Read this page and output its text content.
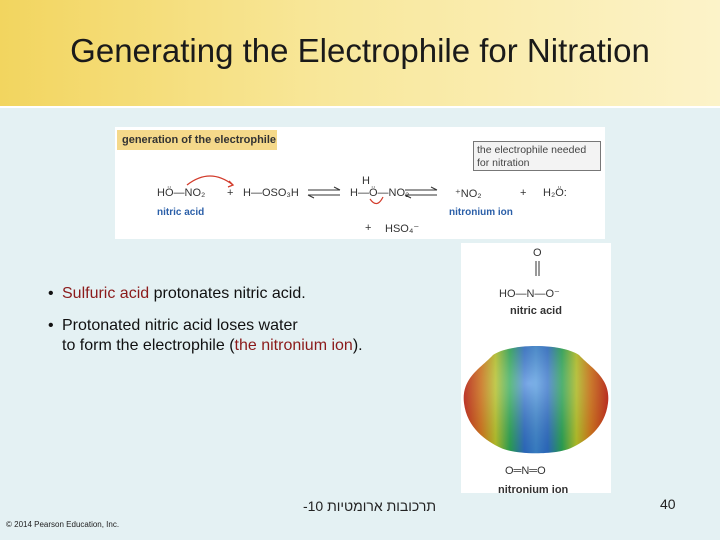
Generating the Electrophile for Nitration
generation of the electrophile
the electrophile needed for nitration
HÖ—NO₂ + H—OSO₃H
H
H—Ö—NO₂	⁺NO₂	+ H₂Ö:
+ HSO₄⁻
nitric acid	nitronium ion
• Sulfuric acid protonates nitric acid.
• Protonated nitric acid loses water
to form the electrophile (the nitronium ion).
O
HO—N—O⁻
nitric acid
O═N═O
nitronium ion
תרכובות ארומטיות 10-	40
© 2014 Pearson Education, Inc.
